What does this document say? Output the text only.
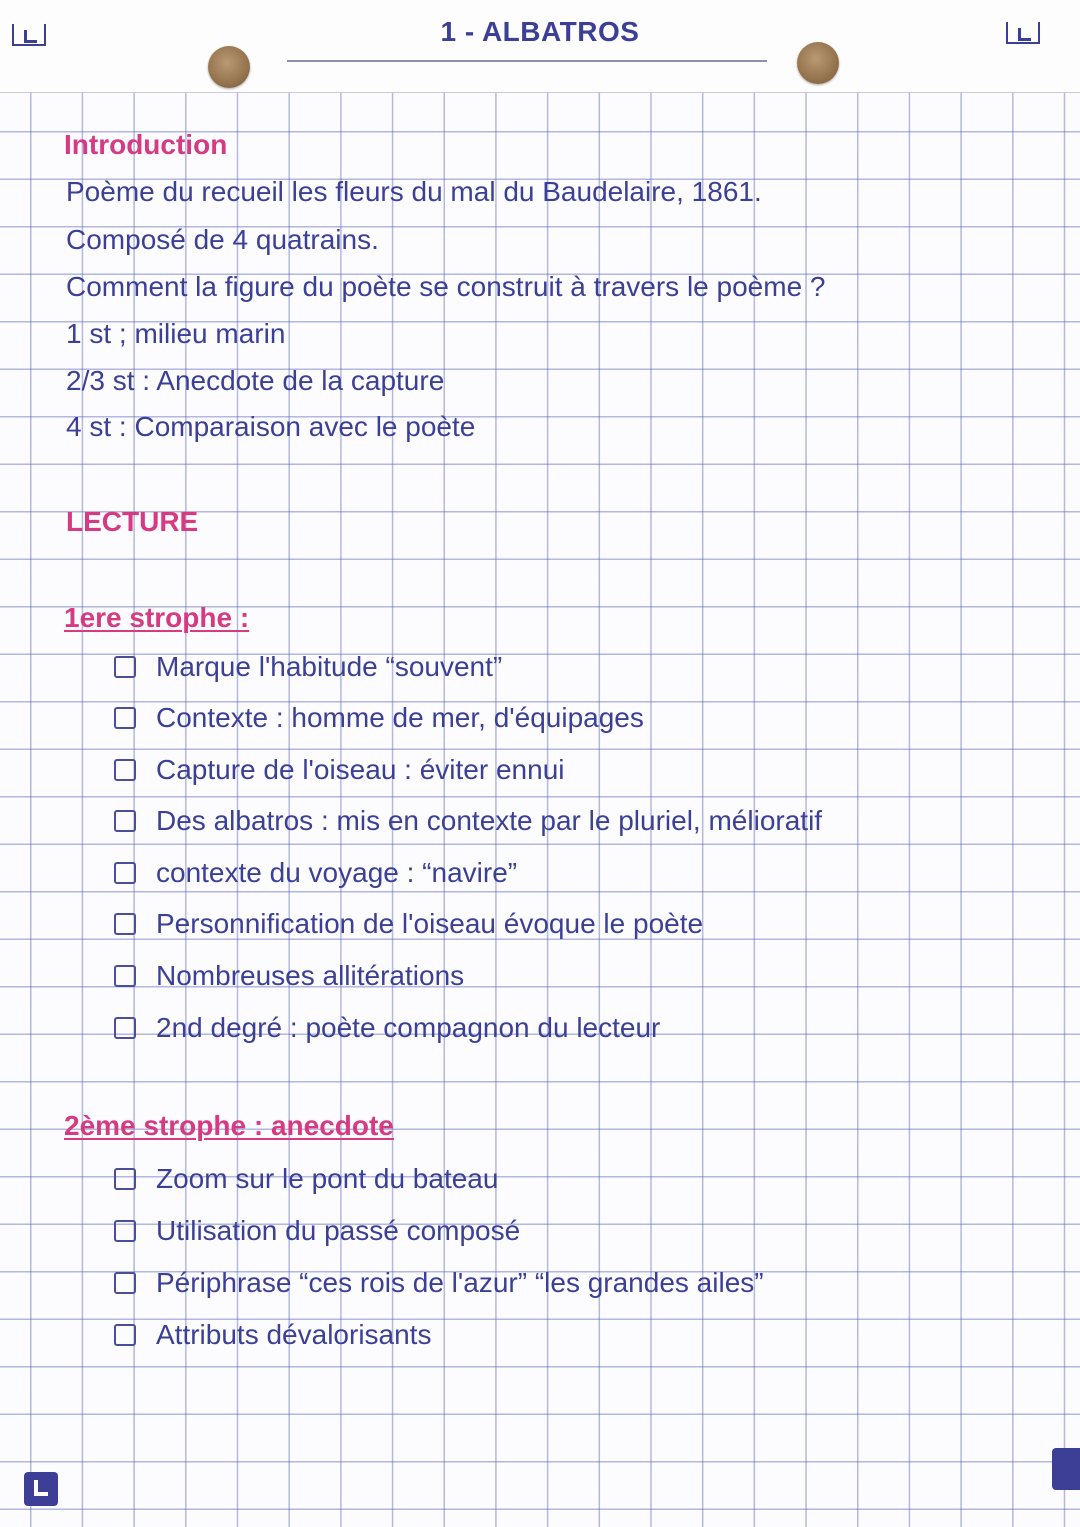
1 - ALBATROS
Introduction
Poème du recueil les fleurs du mal du Baudelaire, 1861.
Composé de 4 quatrains.
Comment la figure du poète se construit à travers le poème ?
1 st ; milieu marin
2/3 st : Anecdote de la capture
4 st : Comparaison avec le poète
LECTURE
1ere strophe :
Marque l'habitude “souvent”
Contexte : homme de mer, d'équipages
Capture de l'oiseau : éviter ennui
Des albatros : mis en contexte par le pluriel, mélioratif
contexte du voyage : “navire”
Personnification de l'oiseau évoque le poète
Nombreuses allitérations
2nd degré : poète compagnon du lecteur
2ème strophe : anecdote
Zoom sur le pont du bateau
Utilisation du passé composé
Périphrase “ces rois de l'azur” “les grandes ailes”
Attributs dévalorisants
